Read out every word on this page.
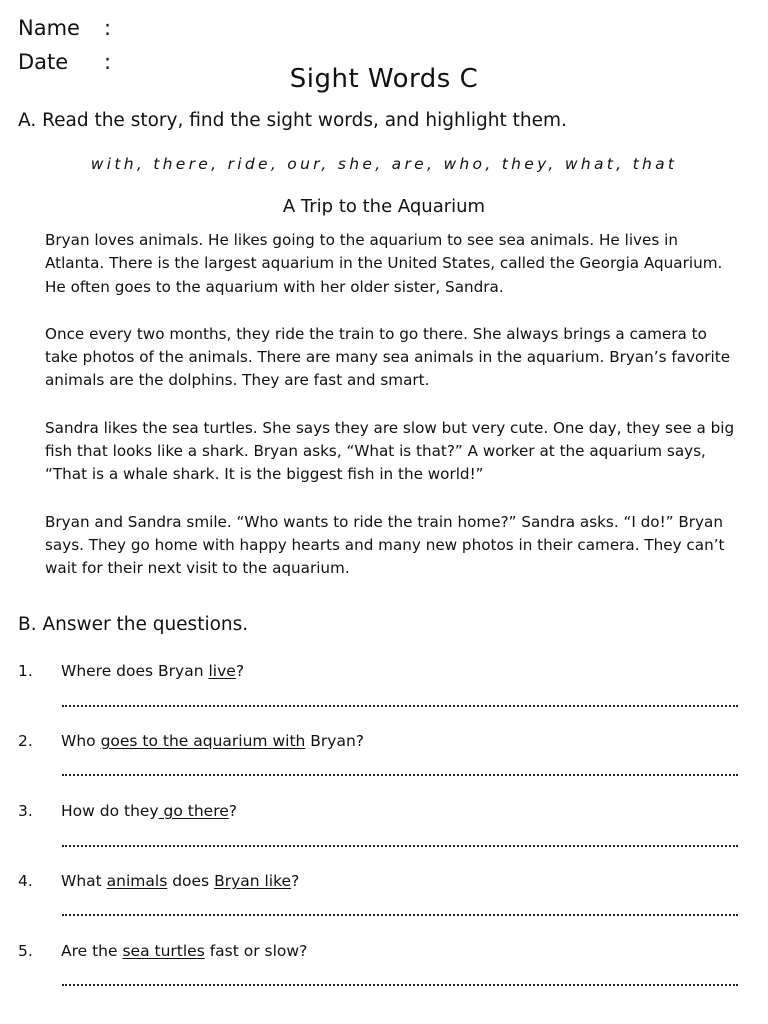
Name :
Date :
Sight Words C
A. Read the story, find the sight words, and highlight them.
with, there, ride, our, she, are, who, they, what, that
A Trip to the Aquarium

Bryan loves animals. He likes going to the aquarium to see sea animals. He lives in Atlanta. There is the largest aquarium in the United States, called the Georgia Aquarium. He often goes to the aquarium with her older sister, Sandra.

Once every two months, they ride the train to go there. She always brings a camera to take photos of the animals. There are many sea animals in the aquarium. Bryan’s favorite animals are the dolphins. They are fast and smart.

Sandra likes the sea turtles. She says they are slow but very cute. One day, they see a big fish that looks like a shark. Bryan asks, “What is that?” A worker at the aquarium says, “That is a whale shark. It is the biggest fish in the world!”

Bryan and Sandra smile. “Who wants to ride the train home?” Sandra asks. “I do!” Bryan says. They go home with happy hearts and many new photos in their camera. They can’t wait for their next visit to the aquarium.

B. Answer the questions.
1. Where does Bryan live?
2. Who goes to the aquarium with Bryan?
3. How do they go there?
4. What animals does Bryan like?
5. Are the sea turtles fast or slow?
